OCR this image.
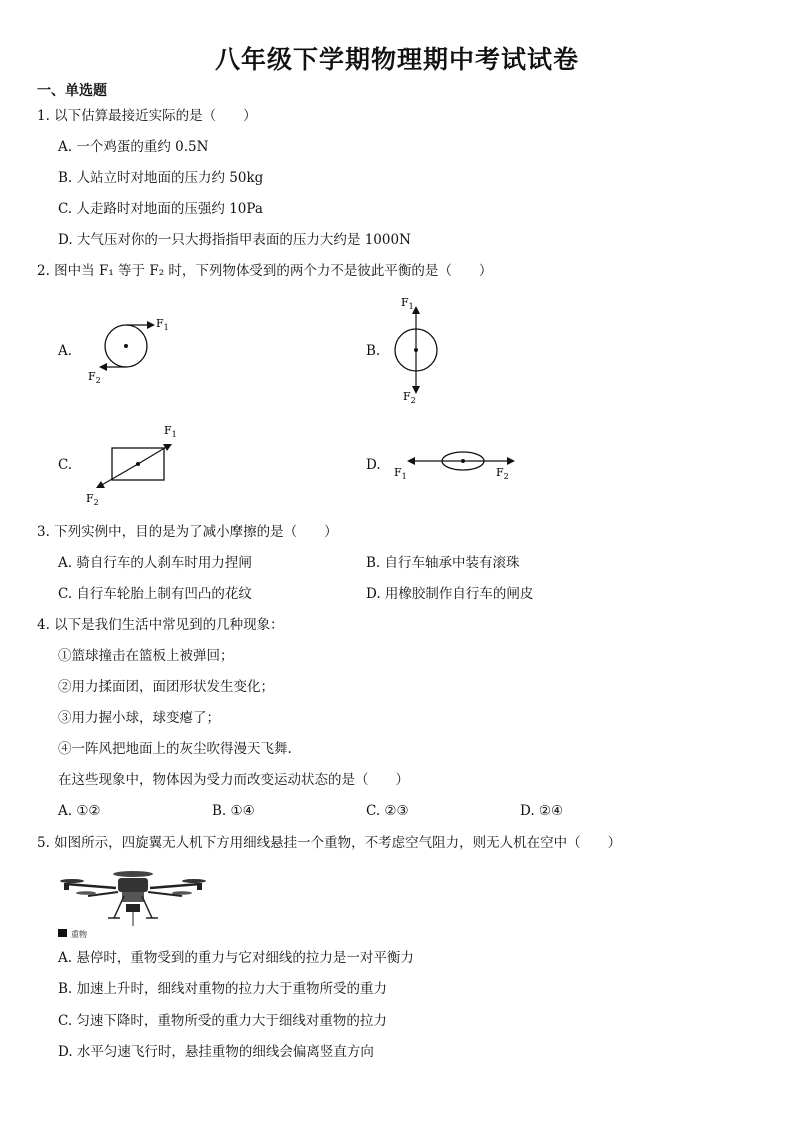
八年级下学期物理期中考试试卷
一、单选题
1. 以下估算最接近实际的是（　　）
A. 一个鸡蛋的重约 0.5N
B. 人站立时对地面的压力约 50kg
C. 人走路时对地面的压强约 10Pa
D. 大气压对你的一只大拇指指甲表面的压力大约是 1000N
2. 图中当 F₁ 等于 F₂ 时，下列物体受到的两个力不是彼此平衡的是（　　）
A.
$F_1$
$F_2$
B.
$F_1$
$F_2$
C.
$F_1$
$F_2$
D. $F_1$	$F_2$
3. 下列实例中，目的是为了减小摩擦的是（　　）
A. 骑自行车的人刹车时用力捏闸	B. 自行车轴承中装有滚珠
C. 自行车轮胎上制有凹凸的花纹	D. 用橡胶制作自行车的闸皮
4. 以下是我们生活中常见到的几种现象：
①篮球撞击在篮板上被弹回；
②用力揉面团，面团形状发生变化；
③用力握小球，球变瘪了；
④一阵风把地面上的灰尘吹得漫天飞舞.
在这些现象中，物体因为受力而改变运动状态的是（　　）
A. ①②	B. ①④	C. ②③	D. ②④
5. 如图所示，四旋翼无人机下方用细线悬挂一个重物，不考虑空气阻力，则无人机在空中（　　）
重物
A. 悬停时，重物受到的重力与它对细线的拉力是一对平衡力
B. 加速上升时，细线对重物的拉力大于重物所受的重力
C. 匀速下降时，重物所受的重力大于细线对重物的拉力
D. 水平匀速飞行时，悬挂重物的细线会偏离竖直方向
